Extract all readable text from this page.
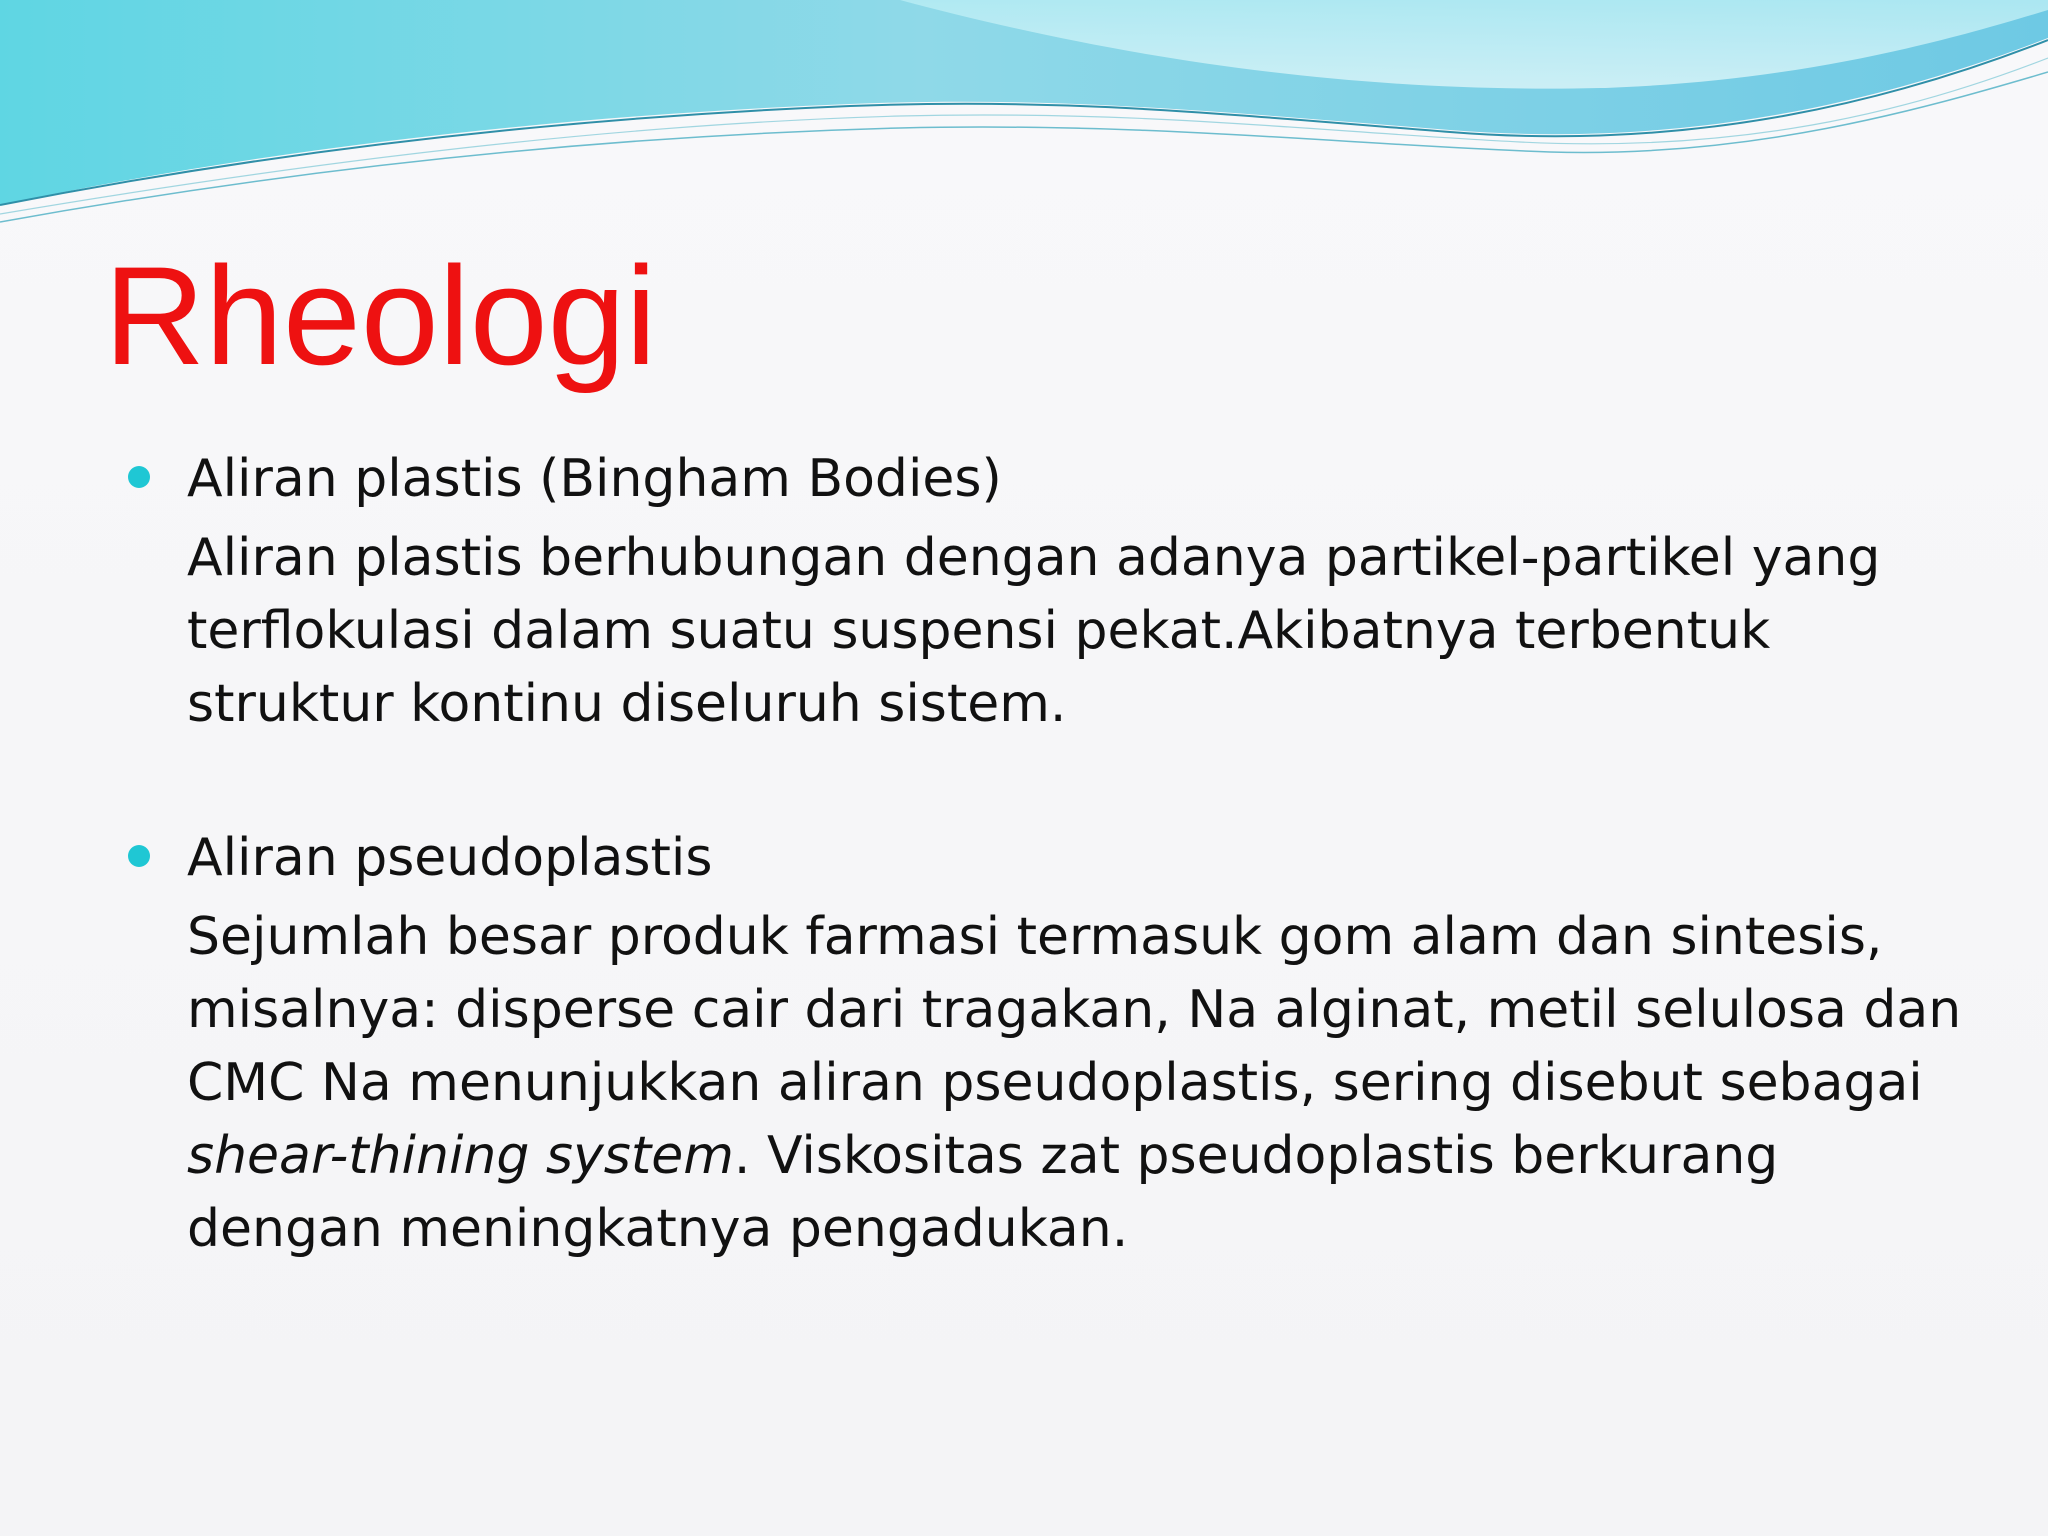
Rheologi

Aliran plastis (Bingham Bodies)

Aliran plastis berhubungan dengan adanya partikel-partikel yang terflokulasi dalam suatu suspensi pekat.Akibatnya terbentuk struktur kontinu diseluruh sistem.

Aliran pseudoplastis

Sejumlah besar produk farmasi termasuk gom alam dan sintesis, misalnya: disperse cair dari tragakan, Na alginat, metil selulosa dan CMC Na menunjukkan aliran pseudoplastis, sering disebut sebagai shear-thining system. Viskositas zat pseudoplastis berkurang dengan meningkatnya pengadukan.
